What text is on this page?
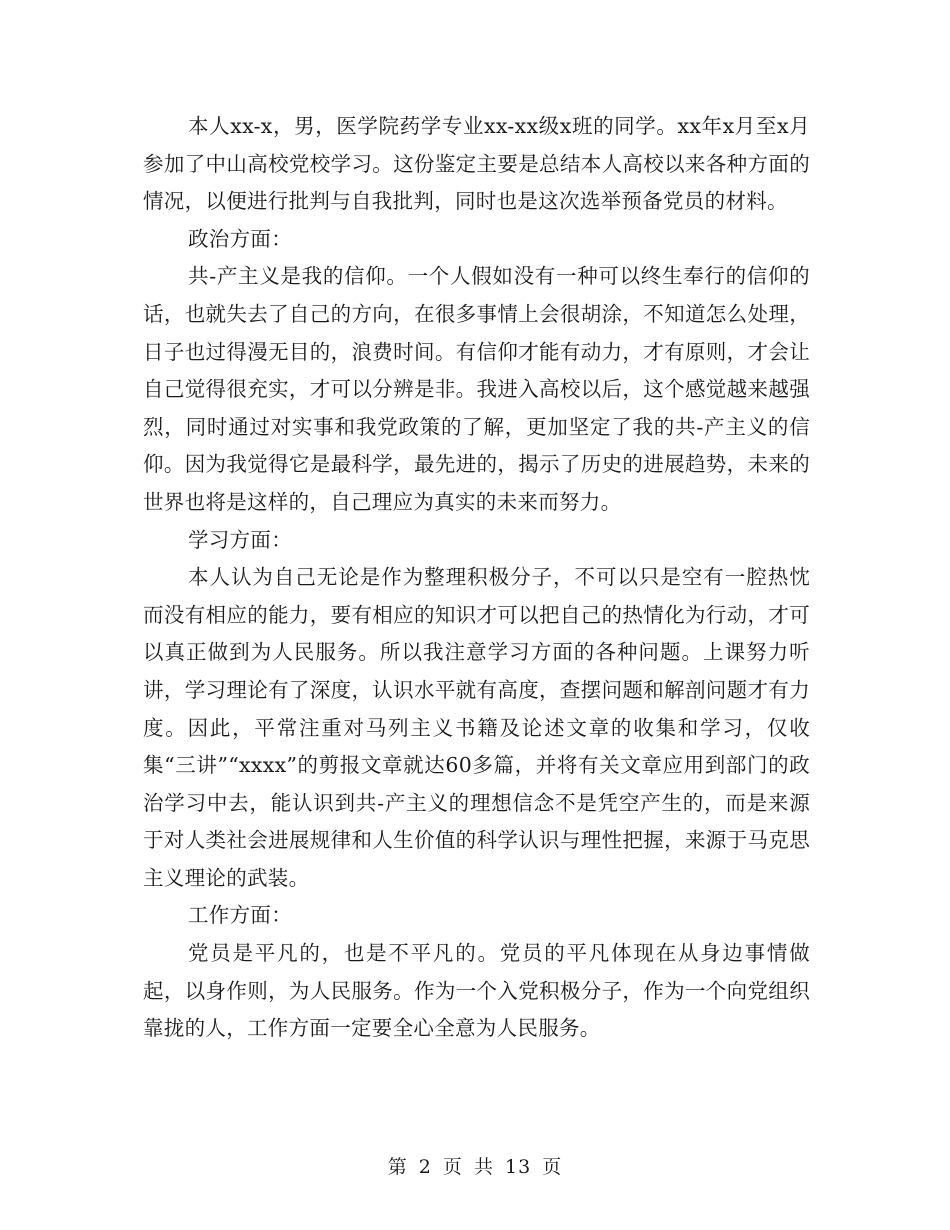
本人xx-x，男，医学院药学专业xx-xx级x班的同学。xx年x月至x月参加了中山高校党校学习。这份鉴定主要是总结本人高校以来各种方面的情况，以便进行批判与自我批判，同时也是这次选举预备党员的材料。

政治方面：

共-产主义是我的信仰。一个人假如没有一种可以终生奉行的信仰的话，也就失去了自己的方向，在很多事情上会很胡涂，不知道怎么处理，日子也过得漫无目的，浪费时间。有信仰才能有动力，才有原则，才会让自己觉得很充实，才可以分辨是非。我进入高校以后，这个感觉越来越强烈，同时通过对实事和我党政策的了解，更加坚定了我的共-产主义的信仰。因为我觉得它是最科学，最先进的，揭示了历史的进展趋势，未来的世界也将是这样的，自己理应为真实的未来而努力。

学习方面：

本人认为自己无论是作为整理积极分子，不可以只是空有一腔热忱而没有相应的能力，要有相应的知识才可以把自己的热情化为行动，才可以真正做到为人民服务。所以我注意学习方面的各种问题。上课努力听讲，学习理论有了深度，认识水平就有高度，查摆问题和解剖问题才有力度。因此，平常注重对马列主义书籍及论述文章的收集和学习，仅收集“三讲”“xxxx”的剪报文章就达60多篇，并将有关文章应用到部门的政治学习中去，能认识到共-产主义的理想信念不是凭空产生的，而是来源于对人类社会进展规律和人生价值的科学认识与理性把握，来源于马克思主义理论的武装。

工作方面：

党员是平凡的，也是不平凡的。党员的平凡体现在从身边事情做起，以身作则，为人民服务。作为一个入党积极分子，作为一个向党组织靠拢的人，工作方面一定要全心全意为人民服务。

第 2 页 共 13 页
